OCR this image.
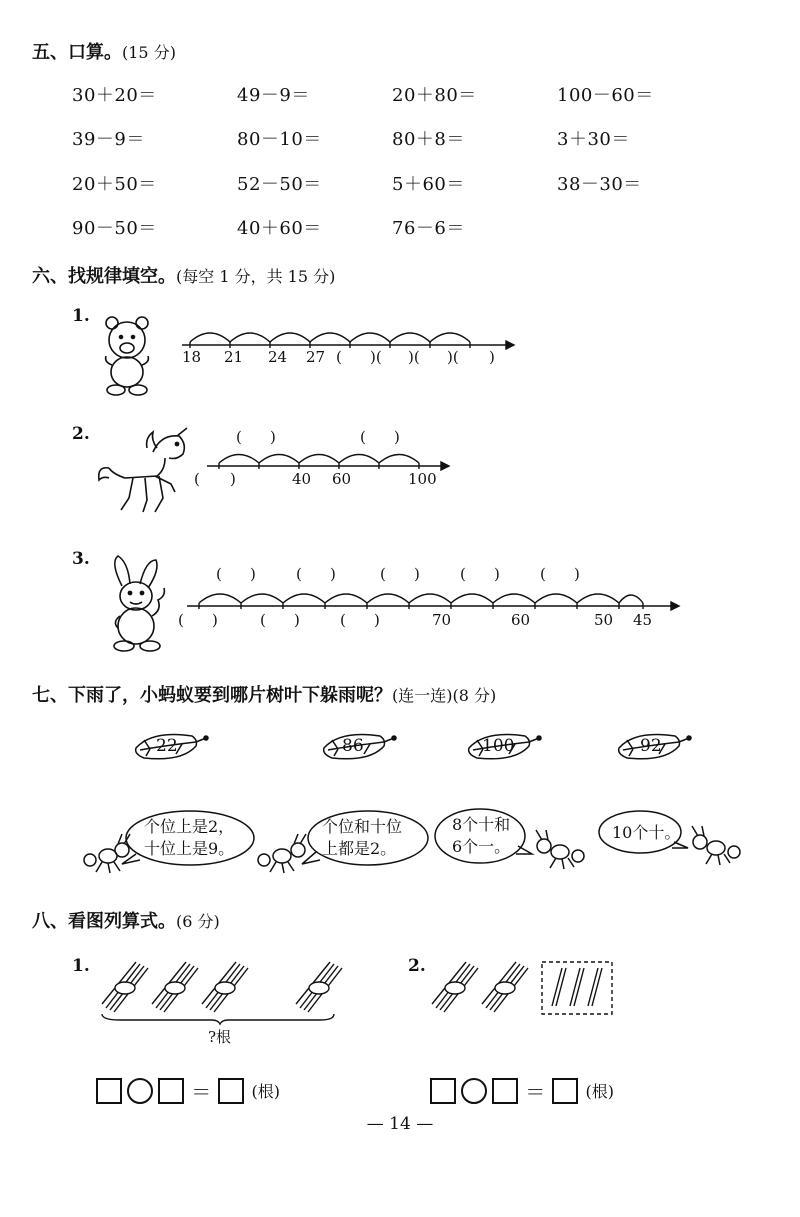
五、口算。(15 分)
30＋20＝	49－9＝	20＋80＝	100－60＝
39－9＝	80－10＝	80＋8＝	3＋30＝
20＋50＝	52－50＝	5＋60＝	38－30＝
90－50＝	40＋60＝	76－6＝
六、找规律填空。(每空 1 分，共 15 分)
1.
18 21 24 27 ( )( )( )( )
2.	( )	( )
( )	40 60	100
3.
( )	( )	( )	( )	( )
( )	( )	( )	70	60	50 45
七、下雨了，小蚂蚁要到哪片树叶下躲雨呢？(连一连)(8 分)
22	86	100	92
个位上是2，
十位上是9。
个位和十位
上都是2。
8个十和
6个一。
10个十。
八、看图列算式。(6 分)
1.
?根
2.
＝	(根)	＝	(根)
— 14 —
